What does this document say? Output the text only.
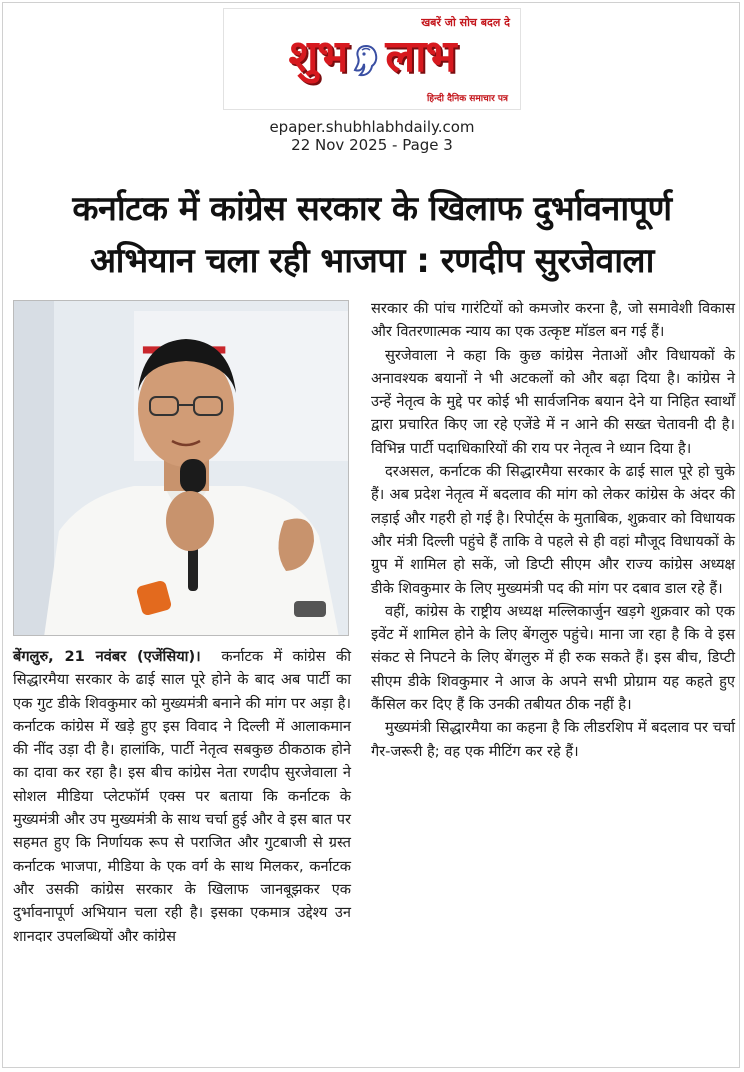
खबरें जो सोच बदल दे
शुभ लाभ
हिन्दी दैनिक समाचार पत्र
epaper.shubhlabhdaily.com
22 Nov 2025 - Page 3
कर्नाटक में कांग्रेस सरकार के खिलाफ दुर्भावनापूर्ण
अभियान चला रही भाजपा : रणदीप सुरजेवाला

बेंगलुरु, 21 नवंबर (एजेंसिया)। कर्नाटक में कांग्रेस की सिद्धारमैया सरकार के ढाई साल पूरे होने के बाद अब पार्टी का एक गुट डीके शिवकुमार को मुख्यमंत्री बनाने की मांग पर अड़ा है। कर्नाटक कांग्रेस में खड़े हुए इस विवाद ने दिल्ली में आलाकमान की नींद उड़ा दी है। हालांकि, पार्टी नेतृत्व सबकुछ ठीकठाक होने का दावा कर रहा है। इस बीच कांग्रेस नेता रणदीप सुरजेवाला ने सोशल मीडिया प्लेटफॉर्म एक्स पर बताया कि कर्नाटक के मुख्यमंत्री और उप मुख्यमंत्री के साथ चर्चा हुई और वे इस बात पर सहमत हुए कि निर्णायक रूप से पराजित और गुटबाजी से ग्रस्त कर्नाटक भाजपा, मीडिया के एक वर्ग के साथ मिलकर, कर्नाटक और उसकी कांग्रेस सरकार के खिलाफ जानबूझकर एक दुर्भावनापूर्ण अभियान चला रही है। इसका एकमात्र उद्देश्य उन शानदार उपलब्धियों और कांग्रेस

सरकार की पांच गारंटियों को कमजोर करना है, जो समावेशी विकास और वितरणात्मक न्याय का एक उत्कृष्ट मॉडल बन गई हैं।

सुरजेवाला ने कहा कि कुछ कांग्रेस नेताओं और विधायकों के अनावश्यक बयानों ने भी अटकलों को और बढ़ा दिया है। कांग्रेस ने उन्हें नेतृत्व के मुद्दे पर कोई भी सार्वजनिक बयान देने या निहित स्वार्थों द्वारा प्रचारित किए जा रहे एजेंडे में न आने की सख्त चेतावनी दी है। विभिन्न पार्टी पदाधिकारियों की राय पर नेतृत्व ने ध्यान दिया है।

दरअसल, कर्नाटक की सिद्धारमैया सरकार के ढाई साल पूरे हो चुके हैं। अब प्रदेश नेतृत्व में बदलाव की मांग को लेकर कांग्रेस के अंदर की लड़ाई और गहरी हो गई है। रिपोर्ट्स के मुताबिक, शुक्रवार को विधायक और मंत्री दिल्ली पहुंचे हैं ताकि वे पहले से ही वहां मौजूद विधायकों के ग्रुप में शामिल हो सकें, जो डिप्टी सीएम और राज्य कांग्रेस अध्यक्ष डीके शिवकुमार के लिए मुख्यमंत्री पद की मांग पर दबाव डाल रहे हैं।

वहीं, कांग्रेस के राष्ट्रीय अध्यक्ष मल्लिकार्जुन खड़गे शुक्रवार को एक इवेंट में शामिल होने के लिए बेंगलुरु पहुंचे। माना जा रहा है कि वे इस संकट से निपटने के लिए बेंगलुरु में ही रुक सकते हैं। इस बीच, डिप्टी सीएम डीके शिवकुमार ने आज के अपने सभी प्रोग्राम यह कहते हुए कैंसिल कर दिए हैं कि उनकी तबीयत ठीक नहीं है।

मुख्यमंत्री सिद्धारमैया का कहना है कि लीडरशिप में बदलाव पर चर्चा गैर-जरूरी है; वह एक मीटिंग कर रहे हैं।
